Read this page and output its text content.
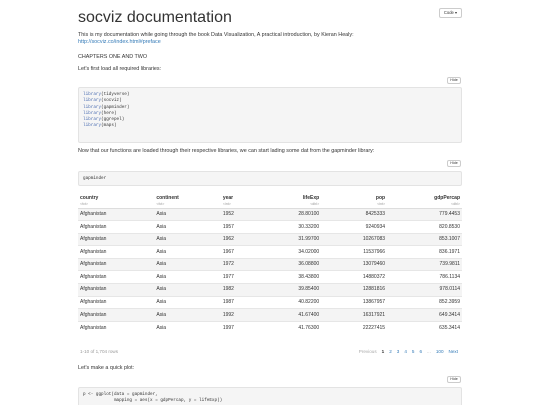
Code ▾
socviz documentation
This is my documentation while going through the book Data Visualization, A practical introduction, by Kieran Healy:
http://socviz.co/index.html#preface
CHAPTERS ONE AND TWO
Let's first load all required libraries:
Hide
library(tidyverse)
library(socviz)
library(gapminder)
library(here)
library(ggrepel)
library(maps)
Now that our functions are loaded through their respective libraries, we can start lading some dat from the gapminder library:
Hide
gapminder
country	continent	year	lifeExp	pop	gdpPercap
<fct>	<fct>	<int>	<dbl>	<int>	<dbl>
Afghanistan	Asia	1952	28.80100	8425333	779.4453
Afghanistan	Asia	1957	30.33200	9240934	820.8530
Afghanistan	Asia	1962	31.99700	10267083	853.1007
Afghanistan	Asia	1967	34.02000	11537966	836.1971
Afghanistan	Asia	1972	36.08800	13079460	739.9811
Afghanistan	Asia	1977	38.43800	14880372	786.1134
Afghanistan	Asia	1982	39.85400	12881816	978.0114
Afghanistan	Asia	1987	40.82200	13867957	852.3959
Afghanistan	Asia	1992	41.67400	16317921	649.3414
Afghanistan	Asia	1997	41.76300	22227415	635.3414
1-10 of 1,704 rows	Previous 1 2 3 4 5 6 ... 100 Next
Let's make a quick plot:
Hide
p <- ggplot(data = gapminder,
mapping = aes(x = gdpPercap, y = lifeExp))
